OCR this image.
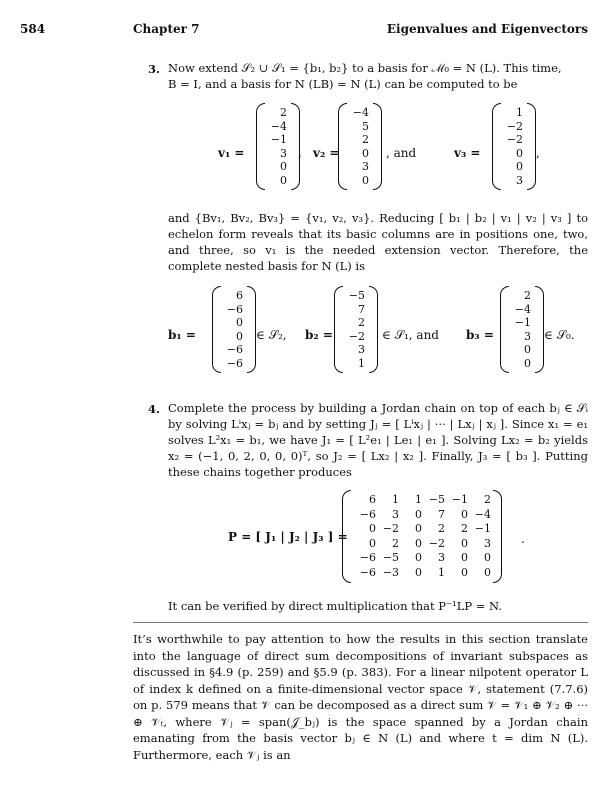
584	Chapter 7	Eigenvalues and Eigenvectors
3. Now extend 𝒮₂ ∪ 𝒮₁ = {b₁, b₂} to a basis for ℳ₀ = N (L). This time,
B = I, and a basis for N (LB) = N (L) can be computed to be
v₁ =
2
−4
−1
3
0
0
, v₂ =
−4
5
2
0
3
0
, and	v₃ =
1
−2
−2
0
0
3
,
and {Bv₁, Bv₂, Bv₃} = {v₁, v₂, v₃}. Reducing [ b₁ | b₂ | v₁ | v₂ | v₃ ] to echelon form reveals that its basic columns are in positions one, two, and three, so v₁ is the needed extension vector. Therefore, the complete nested basis for N (L) is
b₁ =
6
−6
0
0
−6
−6
∈ 𝒮₂, b₂ =
−5
7
2
−2
3
1
∈ 𝒮₁, and b₃ =
2
−4
−1
3
0
0
∈ 𝒮₀.
4. Complete the process by building a Jordan chain on top of each bⱼ ∈ 𝒮ᵢ by solving Lⁱxⱼ = bⱼ and by setting Jⱼ = [ Lⁱxⱼ | ··· | Lxⱼ | xⱼ ]. Since x₁ = e₁ solves L²x₁ = b₁, we have J₁ = [ L²e₁ | Le₁ | e₁ ]. Solving Lx₂ = b₂ yields x₂ = (−1, 0, 2, 0, 0, 0)ᵀ, so J₂ = [ Lx₂ | x₂ ]. Finally, J₃ = [ b₃ ]. Putting these chains together produces
P = [ J₁ | J₂ | J₃ ] =
6	1	1 −5 −1	2
−6	3	0	7	0 −4
0 −2	0	2	2 −1
0	2	0 −2	0	3
−6 −5	0	3	0	0
−6 −3	0	1	0	0
.
It can be verified by direct multiplication that P⁻¹LP = N.
It’s worthwhile to pay attention to how the results in this section translate into the language of direct sum decompositions of invariant subspaces as discussed in §4.9 (p. 259) and §5.9 (p. 383). For a linear nilpotent operator L of index k defined on a finite-dimensional vector space 𝒱, statement (7.7.6) on p. 579 means that 𝒱 can be decomposed as a direct sum 𝒱 = 𝒱₁ ⊕ 𝒱₂ ⊕ ··· ⊕ 𝒱ₜ, where 𝒱ⱼ = span(𝒥_bⱼ) is the space spanned by a Jordan chain emanating from the basis vector bⱼ ∈ N (L) and where t = dim N (L). Furthermore, each 𝒱ⱼ is an
